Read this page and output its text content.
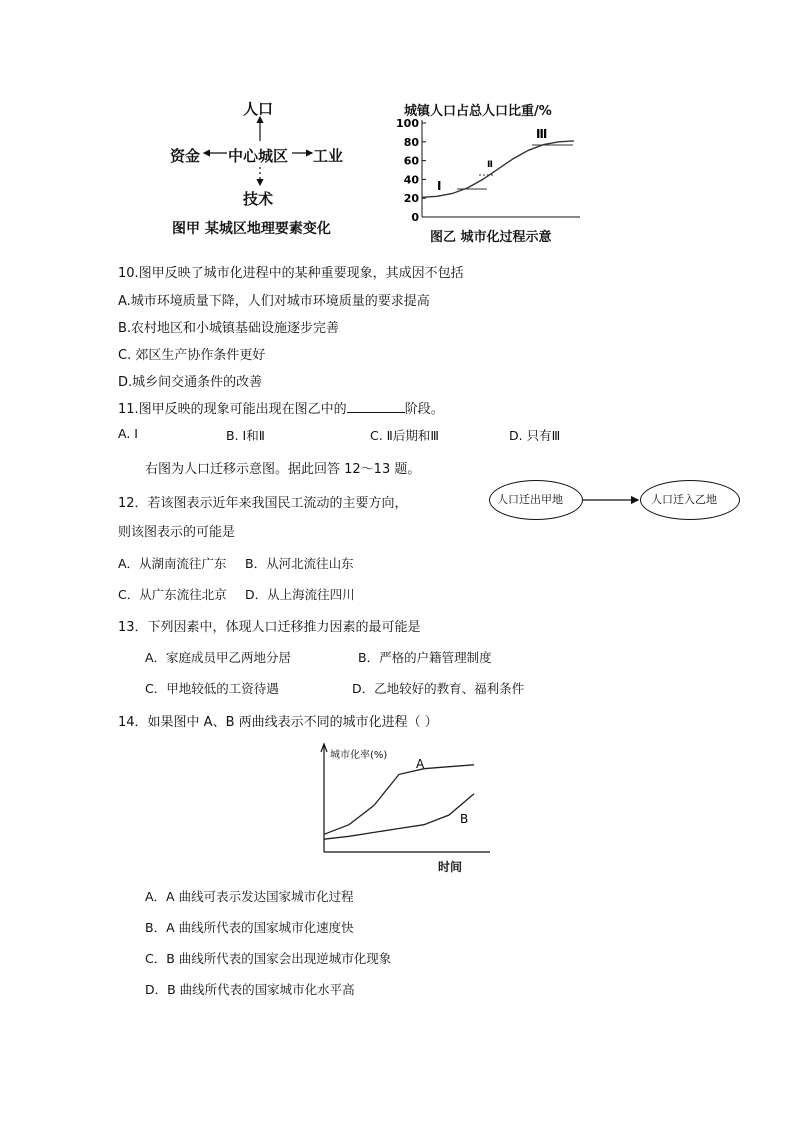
人口
资金 中心城区 工业
技术
图甲 某城区地理要素变化
城镇人口占总人口比重/%
0
20
40
60
80
100
Ⅰ
Ⅱ
Ⅲ
图乙 城市化过程示意
10.图甲反映了城市化进程中的某种重要现象，其成因不包括
A.城市环境质量下降，人们对城市环境质量的要求提高
B.农村地区和小城镇基础设施逐步完善
C. 郊区生产协作条件更好
D.城乡间交通条件的改善
11.图甲反映的现象可能出现在图乙中的	阶段。
A. Ⅰ	B. Ⅰ和Ⅱ	C. Ⅱ后期和Ⅲ	D. 只有Ⅲ
右图为人口迁移示意图。据此回答 12～13 题。
人口迁出甲地	人口迁入乙地
12．若该图表示近年来我国民工流动的主要方向，
则该图表示的可能是
A．从湖南流往广东 B．从河北流往山东
C．从广东流往北京 D．从上海流往四川
13．下列因素中，体现人口迁移推力因素的最可能是
A．家庭成员甲乙两地分居	B．严格的户籍管理制度
C．甲地较低的工资待遇	D．乙地较好的教育、福利条件
14．如果图中 A、B 两曲线表示不同的城市化进程（ ）
城市化率(%)
时间
A
B
A．A 曲线可表示发达国家城市化过程
B．A 曲线所代表的国家城市化速度快
C．B 曲线所代表的国家会出现逆城市化现象
D．B 曲线所代表的国家城市化水平高
